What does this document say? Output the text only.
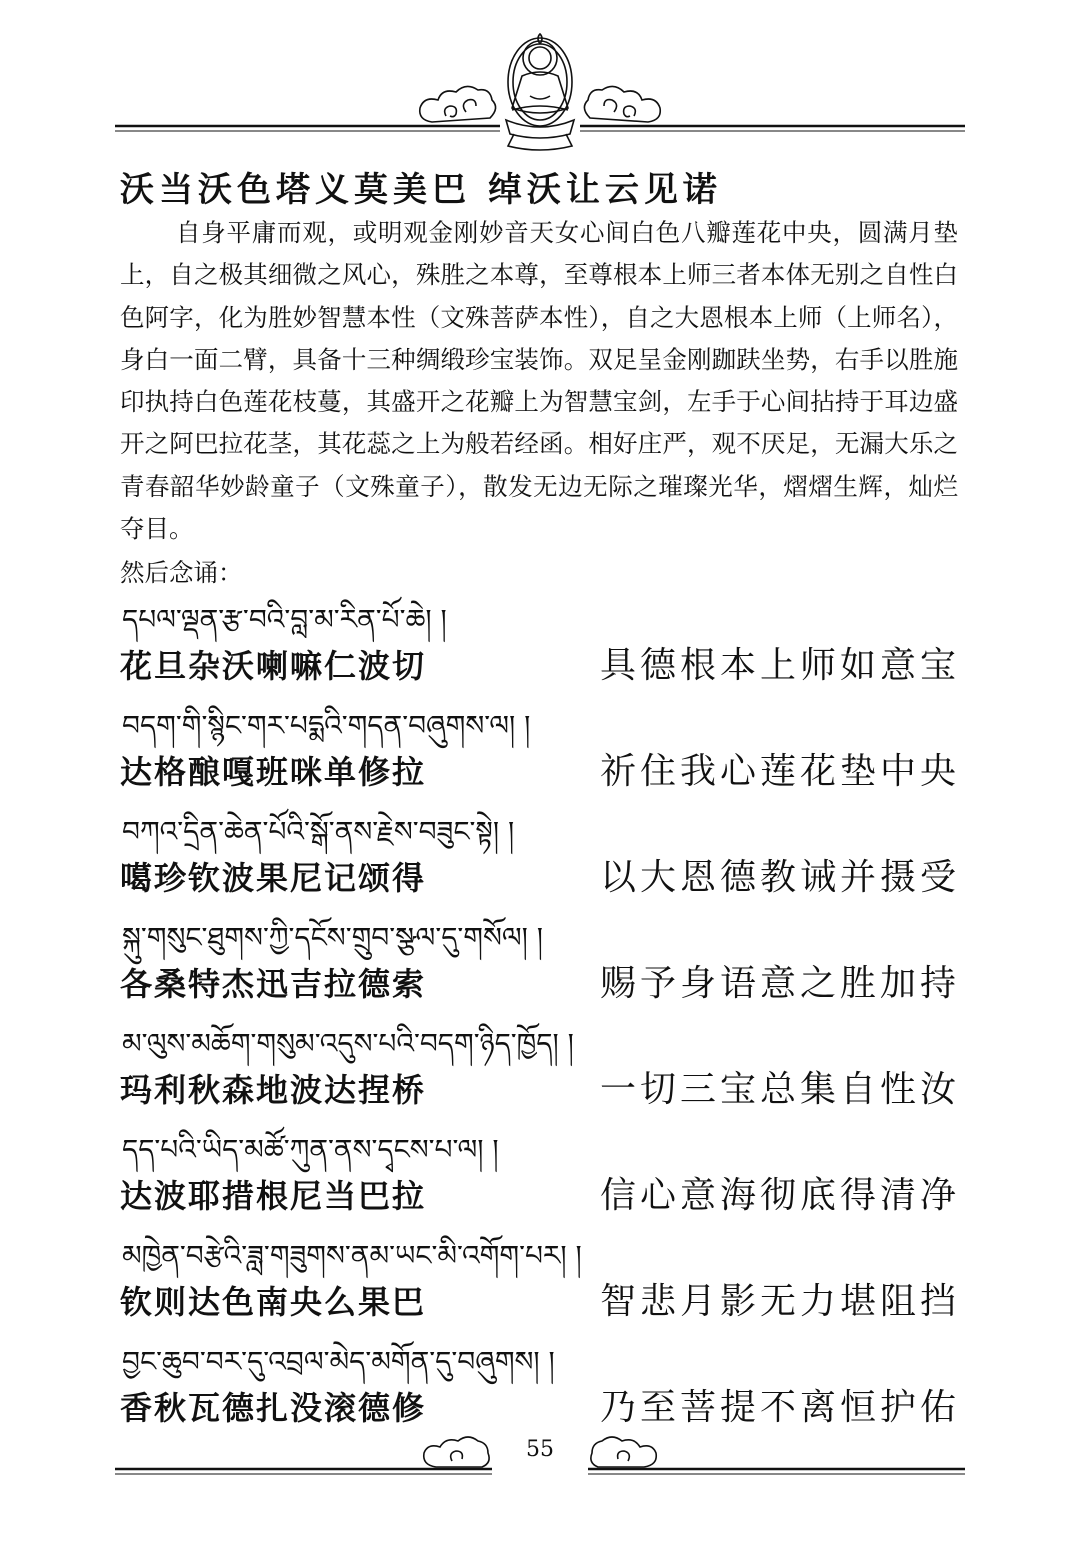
沃当沃色塔义莫美巴 绰沃让云见诺

自身平庸而观，或明观金刚妙音天女心间白色八瓣莲花中央，圆满月垫上，自之极其细微之风心，殊胜之本尊，至尊根本上师三者本体无别之自性白色阿字，化为胜妙智慧本性（文殊菩萨本性），自之大恩根本上师（上师名），身白一面二臂，具备十三种绸缎珍宝装饰。双足呈金刚跏趺坐势，右手以胜施印执持白色莲花枝蔓，其盛开之花瓣上为智慧宝剑，左手于心间拈持于耳边盛开之阿巴拉花茎，其花蕊之上为般若经函。相好庄严，观不厌足，无漏大乐之青春韶华妙龄童子（文殊童子），散发无边无际之璀璨光华，熠熠生辉，灿烂夺目。

然后念诵：

དཔལ་ལྡན་རྩ་བའི་བླ་མ་རིན་པོ་ཆེ། །
花旦杂沃喇嘛仁波切	具德根本上师如意宝
བདག་གི་སྙིང་གར་པདྨའི་གདན་བཞུགས་ལ། །
达格酿嘎班咪单修拉	祈住我心莲花垫中央
བཀའ་དྲིན་ཆེན་པོའི་སྒོ་ནས་རྗེས་བཟུང་སྟེ། །
噶珍钦波果尼记颂得	以大恩德教诫并摄受
སྐུ་གསུང་ཐུགས་ཀྱི་དངོས་གྲུབ་སྩལ་དུ་གསོལ། །
各桑特杰迅吉拉德索	赐予身语意之胜加持
མ་ལུས་མཆོག་གསུམ་འདུས་པའི་བདག་ཉིད་ཁྱོད། །
玛利秋森地波达捏桥	一切三宝总集自性汝
དད་པའི་ཡིད་མཚོ་ཀུན་ནས་དྭངས་པ་ལ། །
达波耶措根尼当巴拉	信心意海彻底得清净
མཁྱེན་བརྩེའི་ཟླ་གཟུགས་ནམ་ཡང་མི་འགོག་པར། །
钦则达色南央么果巴	智悲月影无力堪阻挡
བྱང་ཆུབ་བར་དུ་འབྲལ་མེད་མགོན་དུ་བཞུགས། །
香秋瓦德扎没滚德修	乃至菩提不离恒护佑
55
